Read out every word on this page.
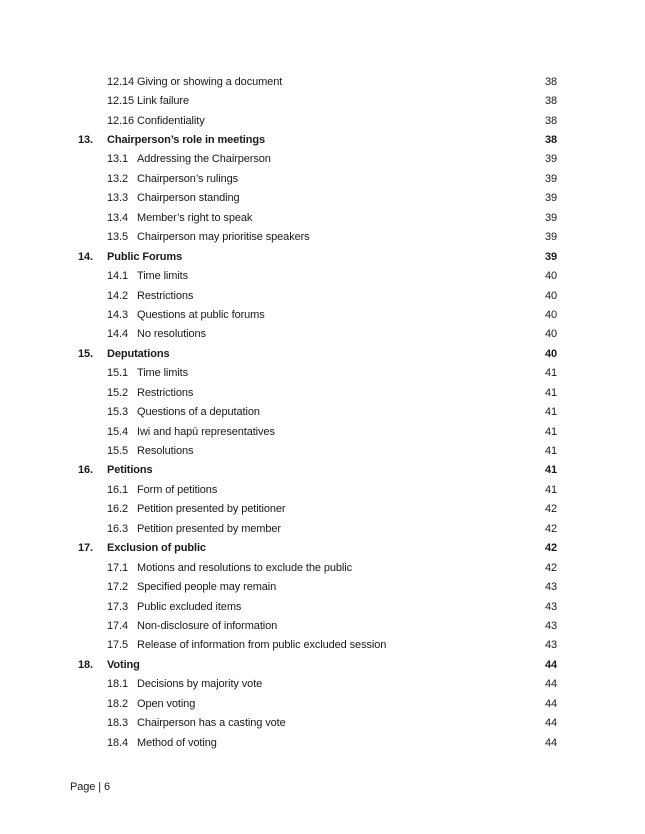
12.14 Giving or showing a document	38
12.15 Link failure	38
12.16 Confidentiality	38
13.	Chairperson’s role in meetings	38
13.1 Addressing the Chairperson	39
13.2 Chairperson’s rulings	39
13.3 Chairperson standing	39
13.4 Member’s right to speak	39
13.5 Chairperson may prioritise speakers	39
14.	Public Forums	39
14.1 Time limits	40
14.2 Restrictions	40
14.3 Questions at public forums	40
14.4 No resolutions	40
15.	Deputations	40
15.1 Time limits	41
15.2 Restrictions	41
15.3 Questions of a deputation	41
15.4 Iwi and hapū representatives	41
15.5 Resolutions	41
16.	Petitions	41
16.1 Form of petitions	41
16.2 Petition presented by petitioner	42
16.3 Petition presented by member	42
17.	Exclusion of public	42
17.1 Motions and resolutions to exclude the public	42
17.2 Specified people may remain	43
17.3 Public excluded items	43
17.4 Non-disclosure of information	43
17.5 Release of information from public excluded session	43
18.	Voting	44
18.1 Decisions by majority vote	44
18.2 Open voting	44
18.3 Chairperson has a casting vote	44
18.4 Method of voting	44
Page | 6
